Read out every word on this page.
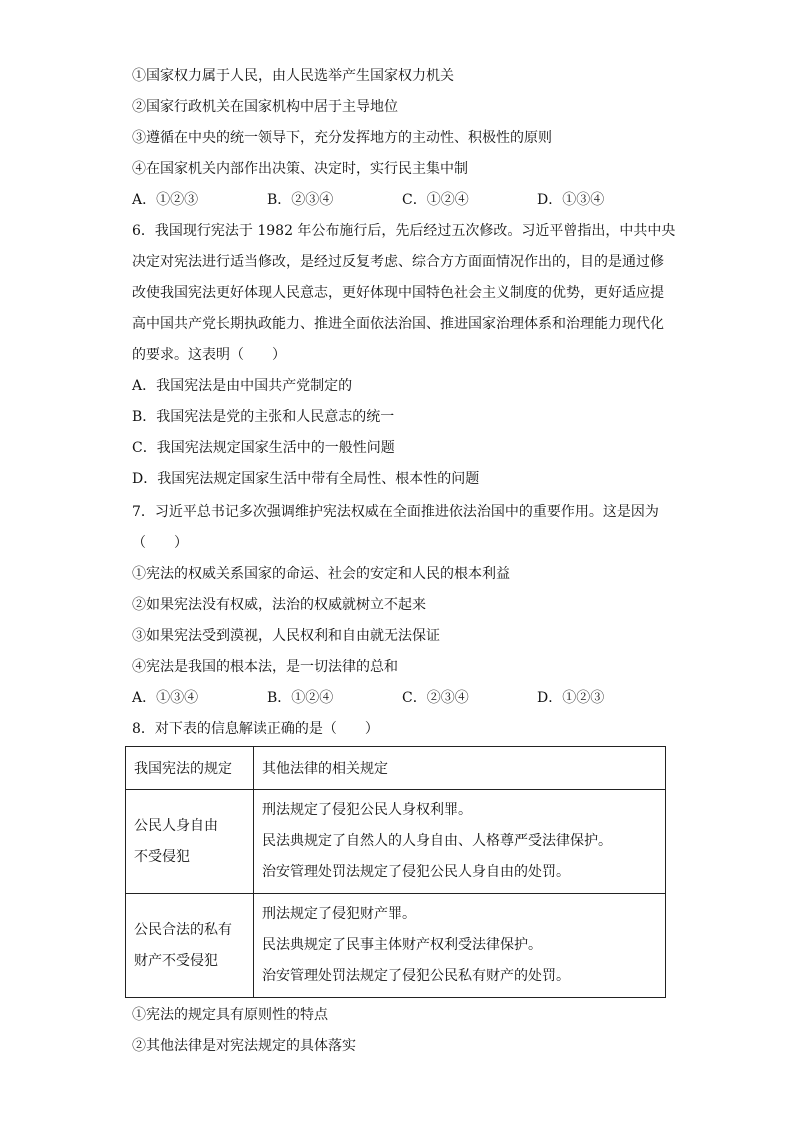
①国家权力属于人民，由人民选举产生国家权力机关
②国家行政机关在国家机构中居于主导地位
③遵循在中央的统一领导下，充分发挥地方的主动性、积极性的原则
④在国家机关内部作出决策、决定时，实行民主集中制
A．①②③	B．②③④	C．①②④	D．①③④
6．我国现行宪法于 1982 年公布施行后，先后经过五次修改。习近平曾指出，中共中央
决定对宪法进行适当修改，是经过反复考虑、综合方方面面情况作出的，目的是通过修
改使我国宪法更好体现人民意志，更好体现中国特色社会主义制度的优势，更好适应提
高中国共产党长期执政能力、推进全面依法治国、推进国家治理体系和治理能力现代化
的要求。这表明（　　）
A．我国宪法是由中国共产党制定的
B．我国宪法是党的主张和人民意志的统一
C．我国宪法规定国家生活中的一般性问题
D．我国宪法规定国家生活中带有全局性、根本性的问题
7．习近平总书记多次强调维护宪法权威在全面推进依法治国中的重要作用。这是因为
（　　）
①宪法的权威关系国家的命运、社会的安定和人民的根本利益
②如果宪法没有权威，法治的权威就树立不起来
③如果宪法受到漠视，人民权利和自由就无法保证
④宪法是我国的根本法，是一切法律的总和
A．①③④	B．①②④	C．②③④	D．①②③
8．对下表的信息解读正确的是（　　）
我国宪法的规定	其他法律的相关规定

公民人身自由
不受侵犯	刑法规定了侵犯公民人身权利罪。
民法典规定了自然人的人身自由、人格尊严受法律保护。
治安管理处罚法规定了侵犯公民人身自由的处罚。

公民合法的私有
财产不受侵犯	刑法规定了侵犯财产罪。
民法典规定了民事主体财产权利受法律保护。
治安管理处罚法规定了侵犯公民私有财产的处罚。
①宪法的规定具有原则性的特点
②其他法律是对宪法规定的具体落实
